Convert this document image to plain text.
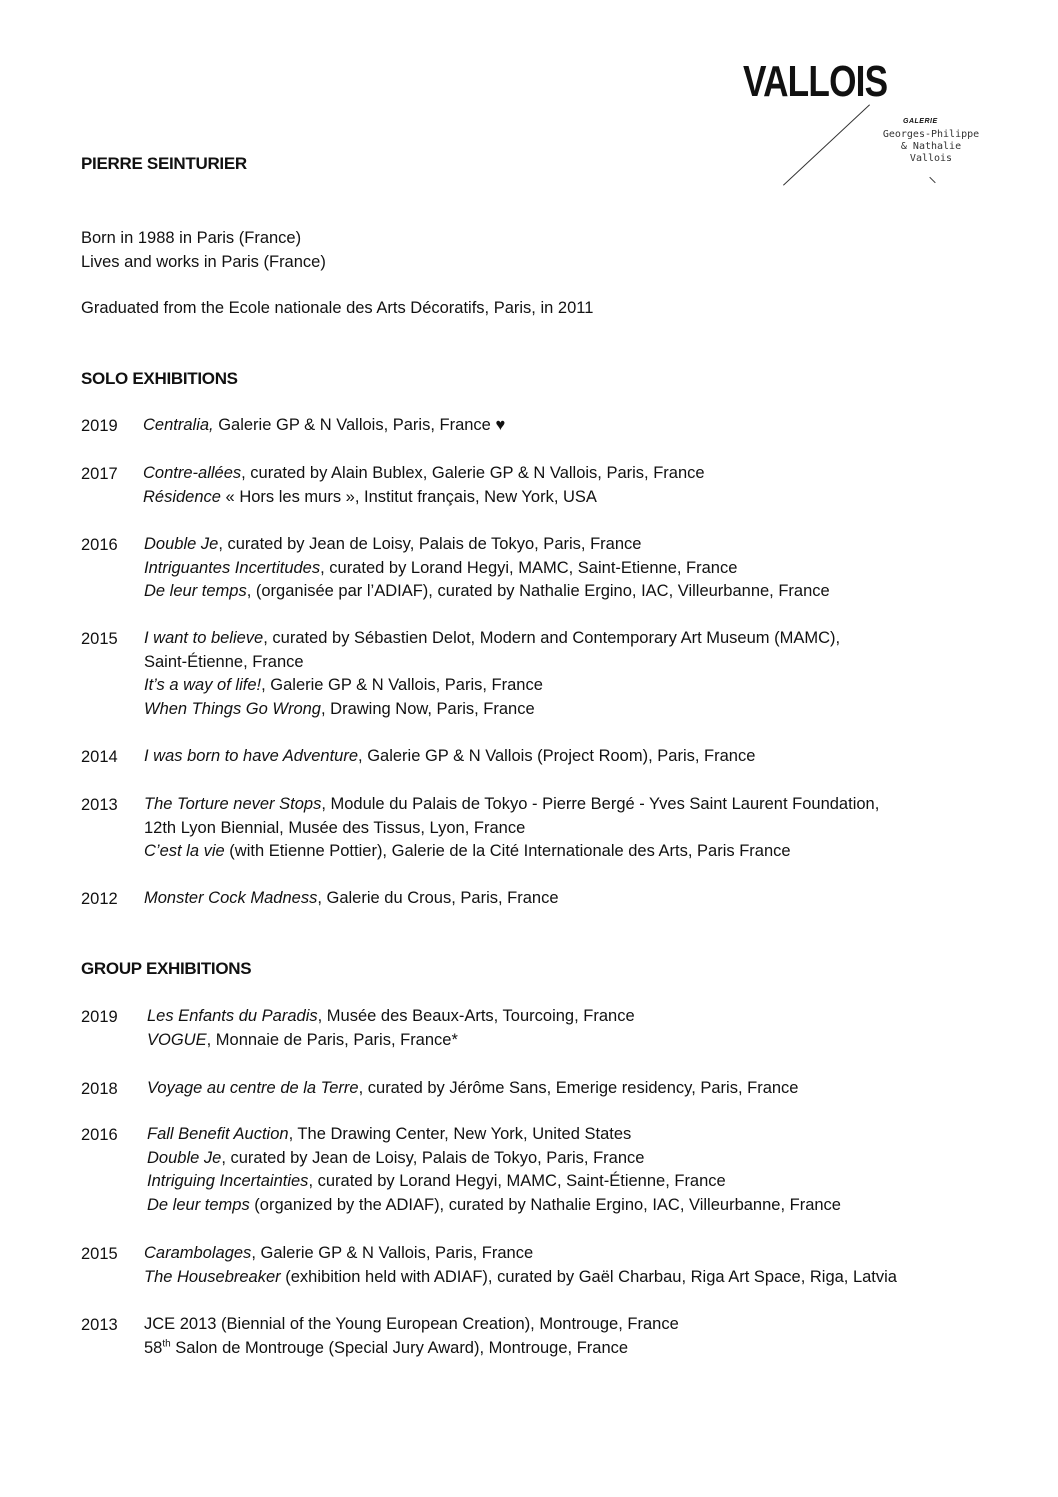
VALLOIS
GALERIE
Georges-Philippe
& Nathalie
Vallois
PIERRE SEINTURIER
Born in 1988 in Paris (France)
Lives and works in Paris (France)
Graduated from the Ecole nationale des Arts Décoratifs, Paris, in 2011
SOLO EXHIBITIONS
2019 Centralia, Galerie GP & N Vallois, Paris, France ♥
2017 Contre-allées, curated by Alain Bublex, Galerie GP & N Vallois, Paris, France
Résidence « Hors les murs », Institut français, New York, USA
2016 Double Je, curated by Jean de Loisy, Palais de Tokyo, Paris, France
Intriguantes Incertitudes, curated by Lorand Hegyi, MAMC, Saint-Etienne, France
De leur temps, (organisée par l’ADIAF), curated by Nathalie Ergino, IAC, Villeurbanne, France
2015 I want to believe, curated by Sébastien Delot, Modern and Contemporary Art Museum (MAMC),
Saint-Étienne, France
It’s a way of life!, Galerie GP & N Vallois, Paris, France
When Things Go Wrong, Drawing Now, Paris, France
2014 I was born to have Adventure, Galerie GP & N Vallois (Project Room), Paris, France
2013 The Torture never Stops, Module du Palais de Tokyo - Pierre Bergé - Yves Saint Laurent Foundation,
12th Lyon Biennial, Musée des Tissus, Lyon, France
C’est la vie (with Etienne Pottier), Galerie de la Cité Internationale des Arts, Paris France
2012 Monster Cock Madness, Galerie du Crous, Paris, France
GROUP EXHIBITIONS
2019 Les Enfants du Paradis, Musée des Beaux-Arts, Tourcoing, France
VOGUE, Monnaie de Paris, Paris, France*
2018 Voyage au centre de la Terre, curated by Jérôme Sans, Emerige residency, Paris, France
2016 Fall Benefit Auction, The Drawing Center, New York, United States
Double Je, curated by Jean de Loisy, Palais de Tokyo, Paris, France
Intriguing Incertainties, curated by Lorand Hegyi, MAMC, Saint-Étienne, France
De leur temps (organized by the ADIAF), curated by Nathalie Ergino, IAC, Villeurbanne, France
2015 Carambolages, Galerie GP & N Vallois, Paris, France
The Housebreaker (exhibition held with ADIAF), curated by Gaël Charbau, Riga Art Space, Riga, Latvia
2013 JCE 2013 (Biennial of the Young European Creation), Montrouge, France
58th Salon de Montrouge (Special Jury Award), Montrouge, France
